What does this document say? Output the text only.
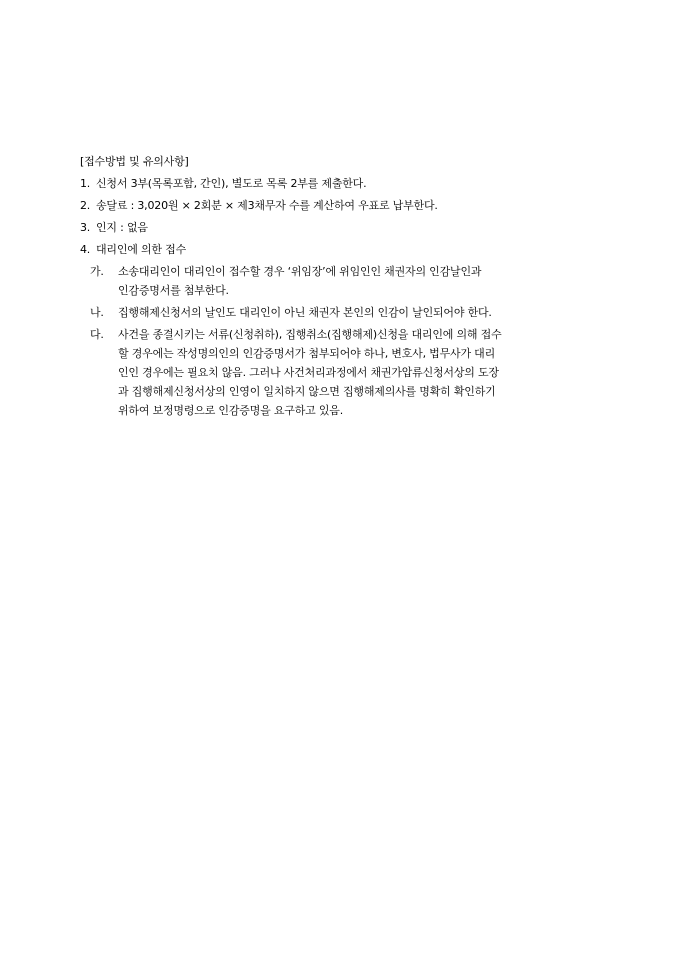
[접수방법 및 유의사항]
1. 신청서 3부(목록포함, 간인), 별도로 목록 2부를 제출한다.
2. 송달료 : 3,020원 × 2회분 × 제3채무자 수를 계산하여 우표로 납부한다.
3. 인지 : 없음
4. 대리인에 의한 접수
가. 소송대리인이 대리인이 접수할 경우 ‘위임장’에 위임인인 채권자의 인감날인과
인감증명서를 첨부한다.
나. 집행해제신청서의 날인도 대리인이 아닌 채권자 본인의 인감이 날인되어야 한다.
다. 사건을 종결시키는 서류(신청취하), 집행취소(집행해제)신청을 대리인에 의해 접수
할 경우에는 작성명의인의 인감증명서가 첨부되어야 하나, 변호사, 법무사가 대리
인인 경우에는 필요치 않음. 그러나 사건처리과정에서 채권가압류신청서상의 도장
과 집행해제신청서상의 인영이 일치하지 않으면 집행해제의사를 명확히 확인하기
위하여 보정명령으로 인감증명을 요구하고 있음.
